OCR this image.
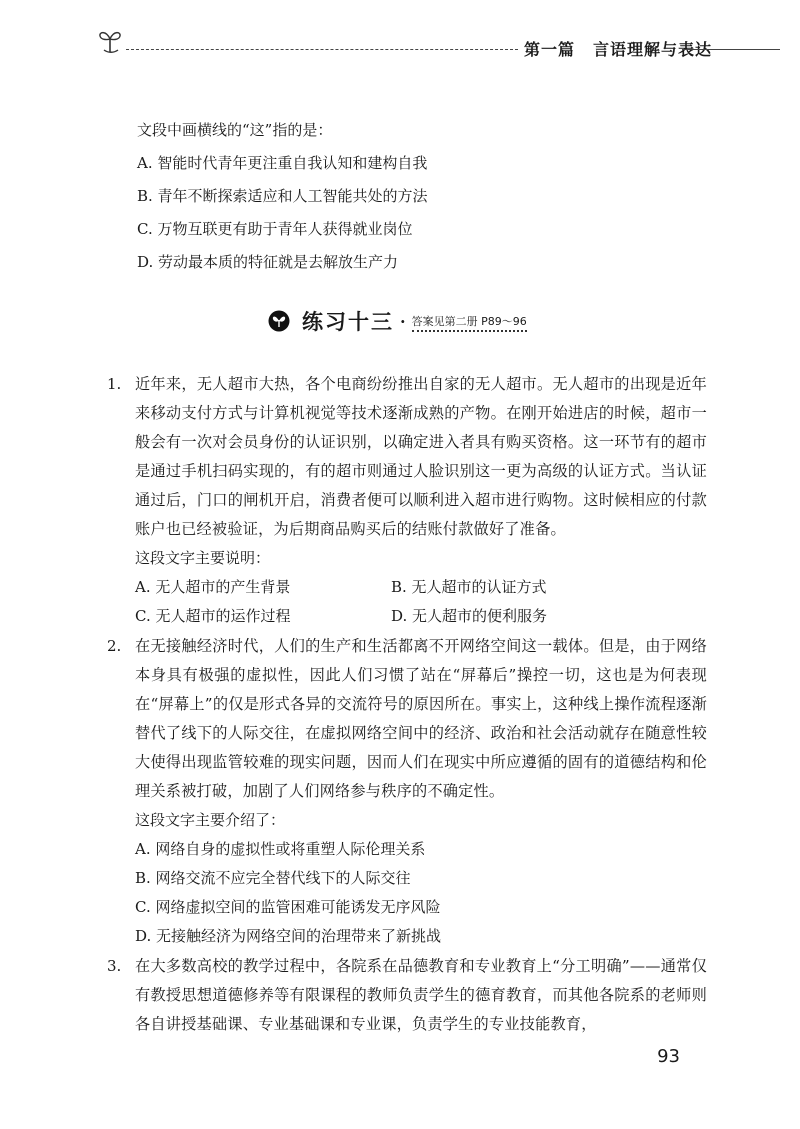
第一篇 言语理解与表达
文段中画横线的“这”指的是：
A. 智能时代青年更注重自我认知和建构自我
B. 青年不断探索适应和人工智能共处的方法
C. 万物互联更有助于青年人获得就业岗位
D. 劳动最本质的特征就是去解放生产力
练习十三 · 答案见第二册 P89～96
1. 近年来，无人超市大热，各个电商纷纷推出自家的无人超市。无人超市的出现是近年来移动支付方式与计算机视觉等技术逐渐成熟的产物。在刚开始进店的时候，超市一般会有一次对会员身份的认证识别，以确定进入者具有购买资格。这一环节有的超市是通过手机扫码实现的，有的超市则通过人脸识别这一更为高级的认证方式。当认证通过后，门口的闸机开启，消费者便可以顺利进入超市进行购物。这时候相应的付款账户也已经被验证，为后期商品购买后的结账付款做好了准备。
这段文字主要说明：
A. 无人超市的产生背景	B. 无人超市的认证方式
C. 无人超市的运作过程	D. 无人超市的便利服务
2. 在无接触经济时代，人们的生产和生活都离不开网络空间这一载体。但是，由于网络本身具有极强的虚拟性，因此人们习惯了站在“屏幕后”操控一切，这也是为何表现在“屏幕上”的仅是形式各异的交流符号的原因所在。事实上，这种线上操作流程逐渐替代了线下的人际交往，在虚拟网络空间中的经济、政治和社会活动就存在随意性较大使得出现监管较难的现实问题，因而人们在现实中所应遵循的固有的道德结构和伦理关系被打破，加剧了人们网络参与秩序的不确定性。
这段文字主要介绍了：
A. 网络自身的虚拟性或将重塑人际伦理关系
B. 网络交流不应完全替代线下的人际交往
C. 网络虚拟空间的监管困难可能诱发无序风险
D. 无接触经济为网络空间的治理带来了新挑战
3. 在大多数高校的教学过程中，各院系在品德教育和专业教育上“分工明确”——通常仅有教授思想道德修养等有限课程的教师负责学生的德育教育，而其他各院系的老师则各自讲授基础课、专业基础课和专业课，负责学生的专业技能教育，
93
